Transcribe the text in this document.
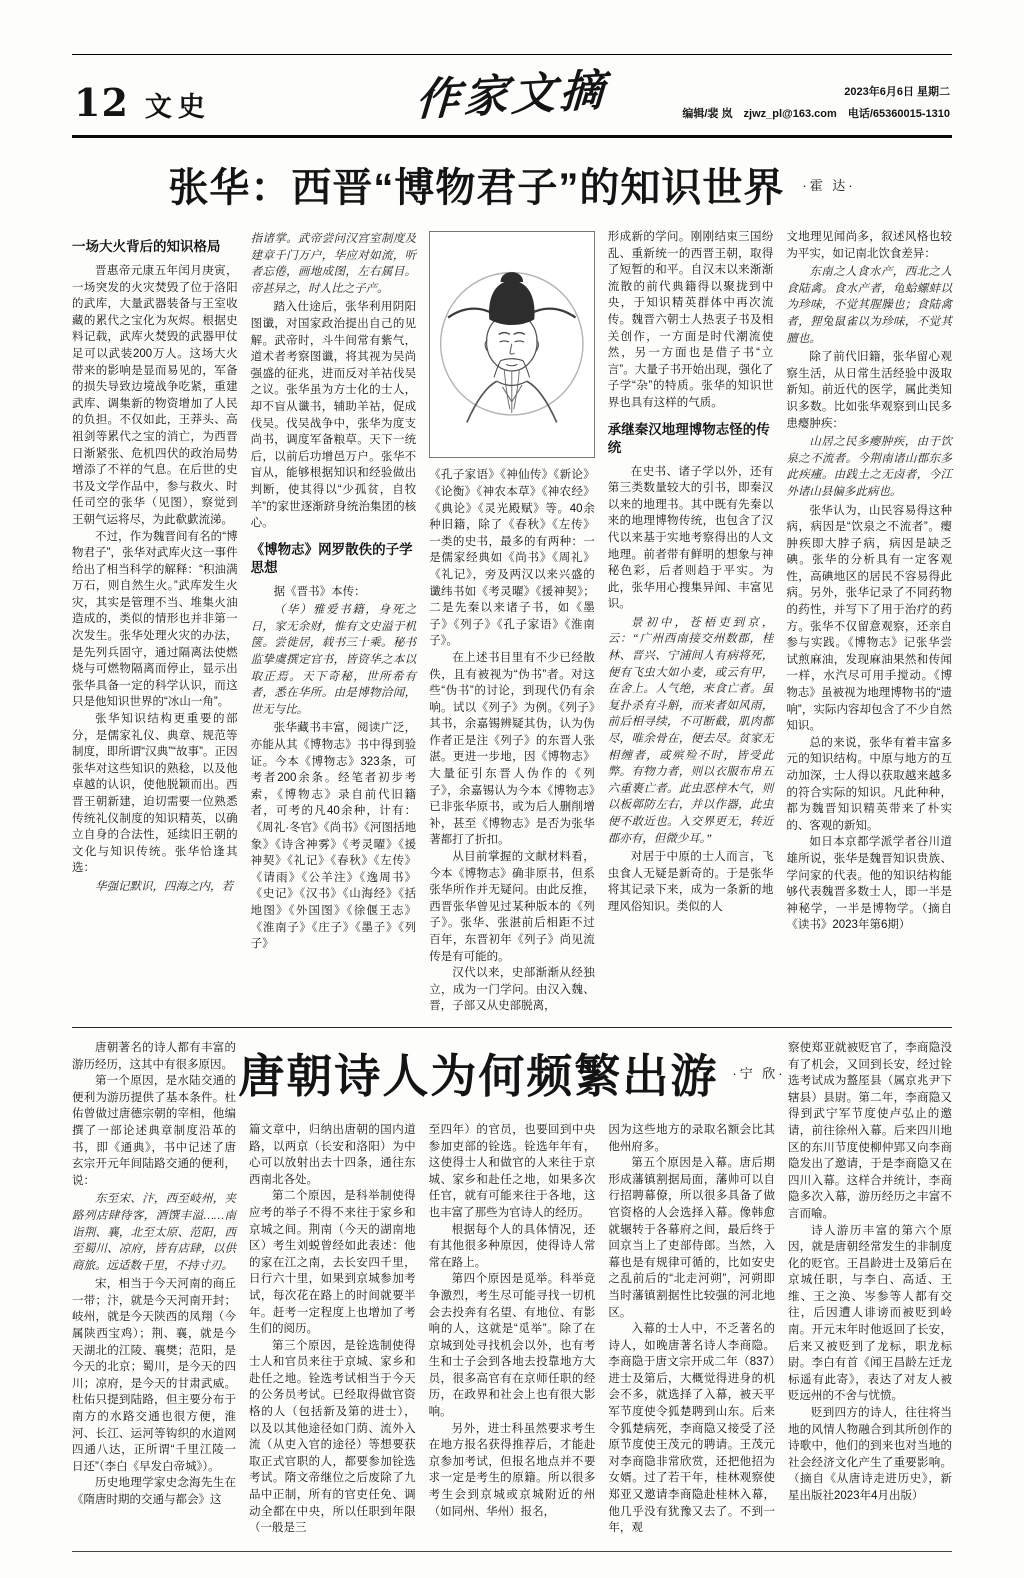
12 文史	作家文摘	2023年6月6日 星期二
编辑/裴 岚 zjwz_pl@163.com 电话/65360015-1310
张华：西晋“博物君子”的知识世界 ·霍 达·

一场大火背后的知识格局

晋惠帝元康五年闰月庚寅，一场突发的火灾焚毁了位于洛阳的武库，大量武器装备与王室收藏的累代之宝化为灰烬。根据史料记载，武库火焚毁的武器甲仗足可以武装200万人。这场大火带来的影响是显而易见的，军备的损失导致边境战争吃紧，重建武库、调集新的物资增加了人民的负担。不仅如此，王莽头、高祖剑等累代之宝的消亡，为西晋日渐紧张、危机四伏的政治局势增添了不祥的气息。在后世的史书及文学作品中，参与救火、时任司空的张华（见图），察觉到王朝气运将尽，为此欷歔流涕。

不过，作为魏晋间有名的“博物君子”，张华对武库火这一事件给出了相当科学的解释：“积油满万石，则自然生火。”武库发生火灾，其实是管理不当、堆集火油造成的，类似的情形也并非第一次发生。张华处理火灾的办法，是先列兵固守，通过隔离法使燃烧与可燃物隔离而停止，显示出张华具备一定的科学认识，而这只是他知识世界的“冰山一角”。

张华知识结构更重要的部分，是儒家礼仪、典章、规范等制度，即所谓“汉典”“故事”。正因张华对这些知识的熟稔，以及他卓越的认识，使他脱颖而出。西晋王朝新建，迫切需要一位熟悉传统礼仪制度的知识精英，以确立自身的合法性，延续旧王朝的文化与知识传统。张华恰逢其选：

华强记默识，四海之内，若

指诸掌。武帝尝问汉宫室制度及建章千门万户，华应对如流，听者忘倦，画地成图，左右属目。帝甚异之，时人比之子产。

踏入仕途后，张华利用阴阳图谶，对国家政治提出自己的见解。武帝时，斗牛间常有紫气，道术者考察图谶，将其视为吴尚强盛的征兆，进而反对羊祜伐吴之议。张华虽为方士化的士人，却不盲从谶书，辅助羊祜，促成伐吴。伐吴战争中，张华为度支尚书，调度军备粮草。天下一统后，以前后功增邑万户。张华不盲从，能够根据知识和经验做出判断，使其得以“少孤贫，自牧羊”的家世逐渐跻身统治集团的核心。

《博物志》网罗散佚的子学思想

据《晋书》本传：

（华）雅爱书籍，身死之日，家无余财，惟有文史溢于机箧。尝徙居，载书三十乘。秘书监挚虞撰定官书，皆资华之本以取正焉。天下奇秘，世所希有者，悉在华所。由是博物洽闻，世无与比。

张华藏书丰富，阅读广泛，亦能从其《博物志》书中得到验证。今本《博物志》323条，可考者200余条。经笔者初步考索，《博物志》录自前代旧籍者，可考的凡40余种，计有：《周礼·冬官》《尚书》《河图括地象》《诗含神雾》《考灵曜》《援神契》《礼记》《春秋》《左传》《请雨》《公羊注》《逸周书》《史记》《汉书》《山海经》《括地图》《外国图》《徐偃王志》《淮南子》《庄子》《墨子》《列子》

《孔子家语》《神仙传》《新论》《论衡》《神农本草》《神农经》《典论》《灵光殿赋》等。40余种旧籍，除了《春秋》《左传》一类的史书，最多的有两种：一是儒家经典如《尚书》《周礼》《礼记》，旁及两汉以来兴盛的谶纬书如《考灵曜》《援神契》；二是先秦以来诸子书，如《墨子》《列子》《孔子家语》《淮南子》。

在上述书目里有不少已经散佚，且有被视为“伪书”者。对这些“伪书”的讨论，到现代仍有余响。试以《列子》为例。《列子》其书，余嘉锡辨疑其伪，认为伪作者正是注《列子》的东晋人张湛。更进一步地，因《博物志》大量征引东晋人伪作的《列子》，余嘉锡认为今本《博物志》已非张华原书，或为后人删削增补，甚至《博物志》是否为张华著都打了折扣。

从目前掌握的文献材料看，今本《博物志》确非原书，但系张华所作并无疑问。由此反推，西晋张华曾见过某种版本的《列子》。张华、张湛前后相距不过百年，东晋初年《列子》尚见流传是有可能的。

汉代以来，史部渐渐从经独立，成为一门学问。由汉入魏、晋，子部又从史部脱离，

形成新的学问。刚刚结束三国纷乱、重新统一的西晋王朝，取得了短暂的和平。自汉末以来渐渐流散的前代典籍得以聚拢到中央，于知识精英群体中再次流传。魏晋六朝士人热衷子书及相关创作，一方面是时代潮流使然，另一方面也是借子书“立言”。大量子书开始出现，强化了子学“杂”的特质。张华的知识世界也具有这样的气质。

承继秦汉地理博物志怪的传统

在史书、诸子学以外，还有第三类数量较大的引书，即秦汉以来的地理书。其中既有先秦以来的地理博物传统，也包含了汉代以来基于实地考察得出的人文地理。前者带有鲜明的想象与神秘色彩，后者则趋于平实。为此，张华用心搜集异闻、丰富见识。

景初中，苍梧吏到京，云：“广州西南接交州数郡，桂林、晋兴、宁浦间人有病将死，便有飞虫大如小麦，或云有甲，在舍上。人气绝，来食亡者。虽复扑杀有斗斛，而来者如风雨，前后相寻续，不可断截，肌肉都尽，唯余骨在，便去尽。贫家无相缠者，或殡殓不时，皆受此弊。有物力者，则以衣服布帛五六重裹亡者。此虫恶梓木气，则以板鄣防左右，并以作器，此虫便不敢近也。入交界更无，转近郡亦有，但微少耳。”

对居于中原的士人而言，飞虫食人无疑是新奇的。于是张华将其记录下来，成为一条新的地理风俗知识。类似的人

文地理见闻尚多，叙述风格也较为平实，如记南北饮食差异：

东南之人食水产，西北之人食陆禽。食水产者，龟蛤螺蚌以为珍味，不觉其腥臊也；食陆禽者，狸兔鼠雀以为珍味，不觉其膻也。

除了前代旧籍，张华留心观察生活，从日常生活经验中汲取新知。前近代的医学，属此类知识多数。比如张华观察到山民多患瘿肿疾：

山居之民多瘿肿疾，由于饮泉之不流者。今荆南诸山郡东多此疾瘇。由践土之无卤者，今江外诸山县偏多此病也。

张华认为，山民容易得这种病，病因是“饮泉之不流者”。瘿肿疾即大脖子病，病因是缺乏碘。张华的分析具有一定客观性，高碘地区的居民不容易得此病。另外，张华记录了不同药物的药性，并写下了用于治疗的药方。张华不仅留意观察，还亲自参与实践。《博物志》记张华尝试煎麻油，发现麻油果然和传闻一样，水汽尽可用手搅动。《博物志》虽被视为地理博物书的“遗响”，实际内容却包含了不少自然知识。

总的来说，张华有着丰富多元的知识结构。中原与地方的互动加深，士人得以获取越来越多的符合实际的知识。凡此种种，都为魏晋知识精英带来了朴实的、客观的新知。

如日本京都学派学者谷川道雄所说，张华是魏晋知识贵族、学问家的代表。他的知识结构能够代表魏晋多数士人，即一半是神秘学，一半是博物学。（摘自《读书》2023年第6期）

唐朝著名的诗人都有丰富的游历经历，这其中有很多原因。

第一个原因，是水陆交通的便利为游历提供了基本条件。杜佑曾做过唐德宗朝的宰相，他编撰了一部论述典章制度沿革的书，即《通典》，书中记述了唐玄宗开元年间陆路交通的便利，说：

东至宋、汴，西至岐州，夹路列店肆待客，酒馔丰溢……南诣荆、襄，北至太原、范阳，西至蜀川、凉府，皆有店肆，以供商旅。远适数千里，不持寸刃。

宋，相当于今天河南的商丘一带；汴，就是今天河南开封；岐州，就是今天陕西的凤翔（今属陕西宝鸡）；荆、襄，就是今天湖北的江陵、襄樊；范阳，是今天的北京；蜀川，是今天的四川；凉府，是今天的甘肃武威。杜佑只提到陆路，但主要分布于南方的水路交通也很方便，淮河、长江、运河等钩织的水道网四通八达，正所谓“千里江陵一日还”（李白《早发白帝城》）。

历史地理学家史念海先生在《隋唐时期的交通与都会》这

唐朝诗人为何频繁出游 ·宁 欣·

篇文章中，归纳出唐朝的国内道路，以两京（长安和洛阳）为中心可以放射出去十四条，通往东西南北各处。

第二个原因，是科举制使得应考的举子不得不来往于家乡和京城之间。荆南（今天的湖南地区）考生刘蜕曾经如此表述：他的家在江之南，去长安四千里，日行六十里，如果到京城参加考试，每次花在路上的时间就要半年。赶考一定程度上也增加了考生们的阅历。

第三个原因，是铨选制使得士人和官员来往于京城、家乡和赴任之地。铨选考试相当于今天的公务员考试。已经取得做官资格的人（包括新及第的进士），以及以其他途径如门荫、流外入流（从吏入官的途径）等想要获取正式官职的人，都要参加铨选考试。隋文帝继位之后废除了九品中正制，所有的官吏任免、调动全都在中央，所以任职到年限（一般是三

至四年）的官员，也要回到中央参加吏部的铨选。铨选年年有，这使得士人和做官的人来往于京城、家乡和赴任之地，如果多次任官，就有可能来往于各地，这也丰富了那些为官诗人的经历。

根据每个人的具体情况，还有其他很多种原因，使得诗人常常在路上。

第四个原因是觅举。科举竞争激烈，考生尽可能寻找一切机会去投奔有名望、有地位、有影响的人，这就是“觅举”。除了在京城到处寻找机会以外，也有考生和士子会到各地去投靠地方大员，很多高官有在京师任职的经历，在政界和社会上也有很大影响。

另外，进士科虽然要求考生在地方报名获得推荐后，才能赴京参加考试，但报名地点并不要求一定是考生的原籍。所以很多考生会到京城或京城附近的州（如同州、华州）报名，

因为这些地方的录取名额会比其他州府多。

第五个原因是入幕。唐后期形成藩镇割据局面，藩帅可以自行招聘幕僚，所以很多具备了做官资格的人会选择入幕。像韩愈就辗转于各幕府之间，最后终于回京当上了吏部侍郎。当然，入幕也是有规律可循的，比如安史之乱前后的“北走河朔”，河朔即当时藩镇割据性比较强的河北地区。

入幕的士人中，不乏著名的诗人，如晚唐著名诗人李商隐。李商隐于唐文宗开成二年（837）进士及第后，大概觉得进身的机会不多，就选择了入幕，被天平军节度使令狐楚聘到山东。后来令狐楚病死，李商隐又接受了泾原节度使王茂元的聘请。王茂元对李商隐非常欣赏，还把他招为女婿。过了若干年，桂林观察使郑亚又邀请李商隐赴桂林入幕，他几乎没有犹豫又去了。不到一年，观

察使郑亚就被贬官了，李商隐没有了机会，又回到长安，经过铨选考试成为盩厔县（属京兆尹下辖县）县尉。第二年，李商隐又得到武宁军节度使卢弘止的邀请，前往徐州入幕。后来四川地区的东川节度使柳仲郢又向李商隐发出了邀请，于是李商隐又在四川入幕。这样合并统计，李商隐多次入幕，游历经历之丰富不言而喻。

诗人游历丰富的第六个原因，就是唐朝经常发生的非制度化的贬官。王昌龄进士及第后在京城任职，与李白、高适、王维、王之涣、岑参等人都有交往，后因遭人诽谤而被贬到岭南。开元末年时他返回了长安，后来又被贬到了龙标，职龙标尉。李白有首《闻王昌龄左迁龙标遥有此寄》，表达了对友人被贬远州的不舍与忧愤。

贬到四方的诗人，往往将当地的风情人物融合到其所创作的诗歌中，他们的到来也对当地的社会经济文化产生了重要影响。（摘自《从唐诗走进历史》，新星出版社2023年4月出版）
